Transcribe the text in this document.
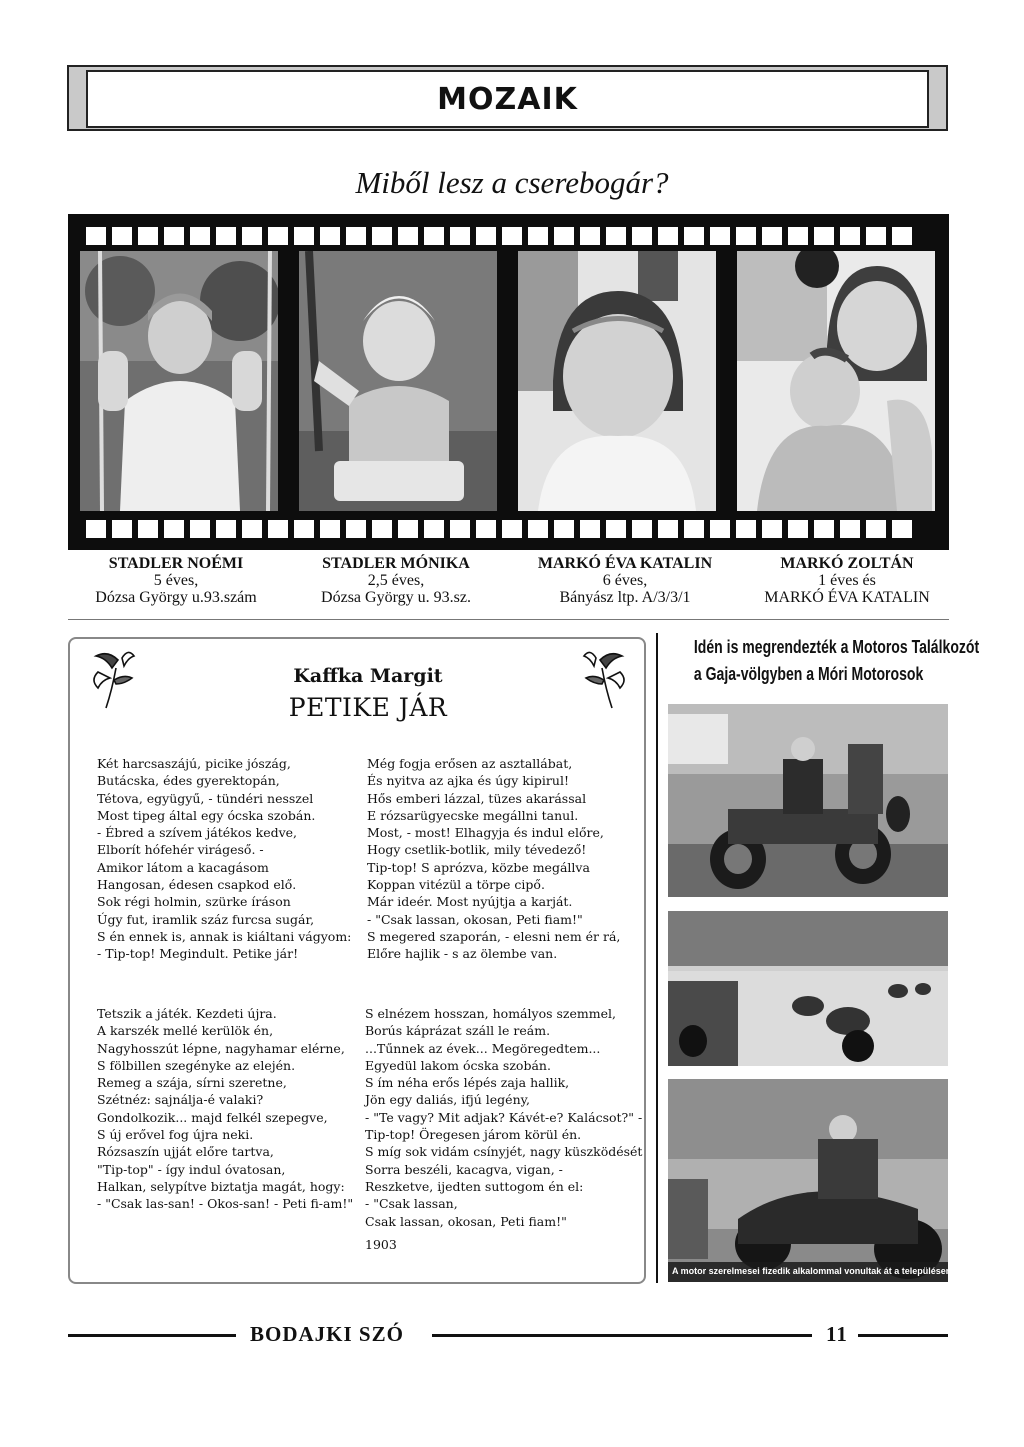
MOZAIK
Miből lesz a cserebogár?
STADLER NOÉMI
5 éves,
Dózsa György u.93.szám
STADLER MÓNIKA
2,5 éves,
Dózsa György u. 93.sz.
MARKÓ ÉVA KATALIN
6 éves,
Bányász ltp. A/3/3/1
MARKÓ ZOLTÁN
1 éves és
MARKÓ ÉVA KATALIN
Kaffka Margit
PETIKE JÁR
Két harcsaszájú, picike jószág,
Butácska, édes gyerektopán,
Tétova, együgyű, - tündéri nesszel
Most tipeg által egy ócska szobán.
- Ébred a szívem játékos kedve,
Elborít hófehér virágeső. -
Amikor látom a kacagásom
Hangosan, édesen csapkod elő.
Sok régi holmin, szürke íráson
Úgy fut, iramlik száz furcsa sugár,
S én ennek is, annak is kiáltani vágyom:
- Tip-top! Megindult. Petike jár!
Még fogja erősen az asztallábat,
És nyitva az ajka és úgy kipirul!
Hős emberi lázzal, tüzes akarással
E rózsarügyecske megállni tanul.
Most, - most! Elhagyja és indul előre,
Hogy csetlik-botlik, mily tévedező!
Tip-top! S aprózva, közbe megállva
Koppan vitézül a törpe cipő.
Már ideér. Most nyújtja a karját.
- "Csak lassan, okosan, Peti fiam!"
S megered szaporán, - elesni nem ér rá,
Előre hajlik - s az ölembe van.
Tetszik a játék. Kezdeti újra.
A karszék mellé kerülök én,
Nagyhosszút lépne, nagyhamar elérne,
S fölbillen szegényke az elején.
Remeg a szája, sírni szeretne,
Szétnéz: sajnálja-é valaki?
Gondolkozik... majd felkél szepegve,
S új erővel fog újra neki.
Rózsaszín ujját előre tartva,
"Tip-top" - így indul óvatosan,
Halkan, selypítve biztatja magát, hogy:
- "Csak las-san! - Okos-san! - Peti fi-am!"
S elnézem hosszan, homályos szemmel,
Borús káprázat száll le reám.
...Tűnnek az évek... Megöregedtem...
Egyedül lakom ócska szobán.
S ím néha erős lépés zaja hallik,
Jön egy daliás, ifjú legény,
- "Te vagy? Mit adjak? Kávét-e? Kalácsot?" -
Tip-top! Öregesen járom körül én.
S míg sok vidám csínyjét, nagy küszködését
Sorra beszéli, kacagva, vigan, -
Reszketve, ijedten suttogom én el:
- "Csak lassan,
Csak lassan, okosan, Peti fiam!"
1903
Idén is megrendezték a Motoros Találkozót
a Gaja-völgyben a Móri Motorosok
A motor szerelmesei fizedik alkalommal vonultak át a településen
BODAJKI SZÓ	11
